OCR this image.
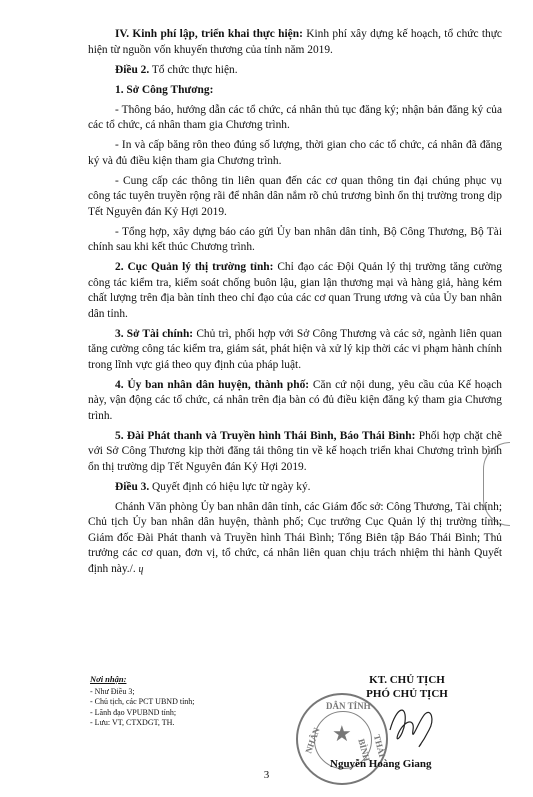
IV. Kinh phí lập, triển khai thực hiện: Kinh phí xây dựng kế hoạch, tổ chức thực hiện từ nguồn vốn khuyến thương của tỉnh năm 2019.

Điều 2. Tổ chức thực hiện.

1. Sở Công Thương:

- Thông báo, hướng dẫn các tổ chức, cá nhân thủ tục đăng ký; nhận bản đăng ký của các tổ chức, cá nhân tham gia Chương trình.

- In và cấp băng rôn theo đúng số lượng, thời gian cho các tổ chức, cá nhân đã đăng ký và đủ điều kiện tham gia Chương trình.

- Cung cấp các thông tin liên quan đến các cơ quan thông tin đại chúng phục vụ công tác tuyên truyền rộng rãi để nhân dân nắm rõ chủ trương bình ổn thị trường trong dịp Tết Nguyên đán Kỷ Hợi 2019.

- Tổng hợp, xây dựng báo cáo gửi Ủy ban nhân dân tỉnh, Bộ Công Thương, Bộ Tài chính sau khi kết thúc Chương trình.

2. Cục Quản lý thị trường tỉnh: Chỉ đạo các Đội Quản lý thị trường tăng cường công tác kiểm tra, kiểm soát chống buôn lậu, gian lận thương mại và hàng giả, hàng kém chất lượng trên địa bàn tỉnh theo chỉ đạo của các cơ quan Trung ương và của Ủy ban nhân dân tỉnh.

3. Sở Tài chính: Chủ trì, phối hợp với Sở Công Thương và các sở, ngành liên quan tăng cường công tác kiểm tra, giám sát, phát hiện và xử lý kịp thời các vi phạm hành chính trong lĩnh vực giá theo quy định của pháp luật.

4. Ủy ban nhân dân huyện, thành phố: Căn cứ nội dung, yêu cầu của Kế hoạch này, vận động các tổ chức, cá nhân trên địa bàn có đủ điều kiện đăng ký tham gia Chương trình.

5. Đài Phát thanh và Truyền hình Thái Bình, Báo Thái Bình: Phối hợp chặt chẽ với Sở Công Thương kịp thời đăng tải thông tin về kế hoạch triển khai Chương trình bình ổn thị trường dịp Tết Nguyên đán Kỷ Hợi 2019.

Điều 3. Quyết định có hiệu lực từ ngày ký.

Chánh Văn phòng Ủy ban nhân dân tỉnh, các Giám đốc sở: Công Thương, Tài chính; Chủ tịch Ủy ban nhân dân huyện, thành phố; Cục trưởng Cục Quản lý thị trường tỉnh; Giám đốc Đài Phát thanh và Truyền hình Thái Bình; Tổng Biên tập Báo Thái Bình; Thủ trưởng các cơ quan, đơn vị, tổ chức, cá nhân liên quan chịu trách nhiệm thi hành Quyết định này./. ɥ

Nơi nhận:
- Như Điều 3;
- Chủ tịch, các PCT UBND tỉnh;
- Lãnh đạo VPUBND tỉnh;
- Lưu: VT, CTXDGT, TH.
KT. CHỦ TỊCH
PHÓ CHỦ TỊCH
★
DÂN TỈNH
NHÂN	THÁI BÌNH
Nguyễn Hoàng Giang
3
